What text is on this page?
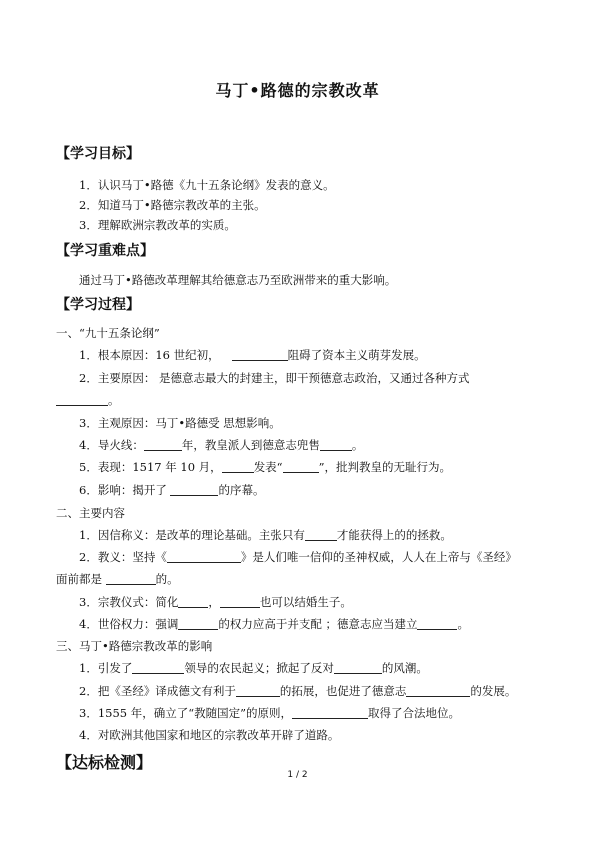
马丁•路德的宗教改革
【学习目标】
1．认识马丁•路德《九十五条论纲》发表的意义。
2．知道马丁•路德宗教改革的主张。
3．理解欧洲宗教改革的实质。
【学习重难点】
通过马丁•路德改革理解其给德意志乃至欧洲带来的重大影响。
【学习过程】
一、“九十五条论纲”
1．根本原因：16 世纪初，	阻碍了资本主义萌芽发展。
2．主要原因： 是德意志最大的封建主，即干预德意志政治，又通过各种方式
。
3．主观原因：马丁•路德受 思想影响。
4．导火线：	年，教皇派人到德意志兜售	。
5．表现：1517 年 10 月，	发表“	”，批判教皇的无耻行为。
6．影响：揭开了	的序幕。
二、主要内容
1．因信称义：是改革的理论基础。主张只有	才能获得上的的拯救。
2．教义：坚持《	》是人们唯一信仰的圣神权威，人人在上帝与《圣经》
面前都是	的。
3．宗教仪式：简化	，	也可以结婚生子。
4．世俗权力：强调	的权力应高于并支配 ；德意志应当建立	。
三、马丁•路德宗教改革的影响
1．引发了	领导的农民起义；掀起了反对	的风潮。
2．把《圣经》译成德文有利于	的拓展，也促进了德意志	的发展。
3．1555 年，确立了“教随国定”的原则，	取得了合法地位。
4．对欧洲其他国家和地区的宗教改革开辟了道路。
【达标检测】
1 / 2
